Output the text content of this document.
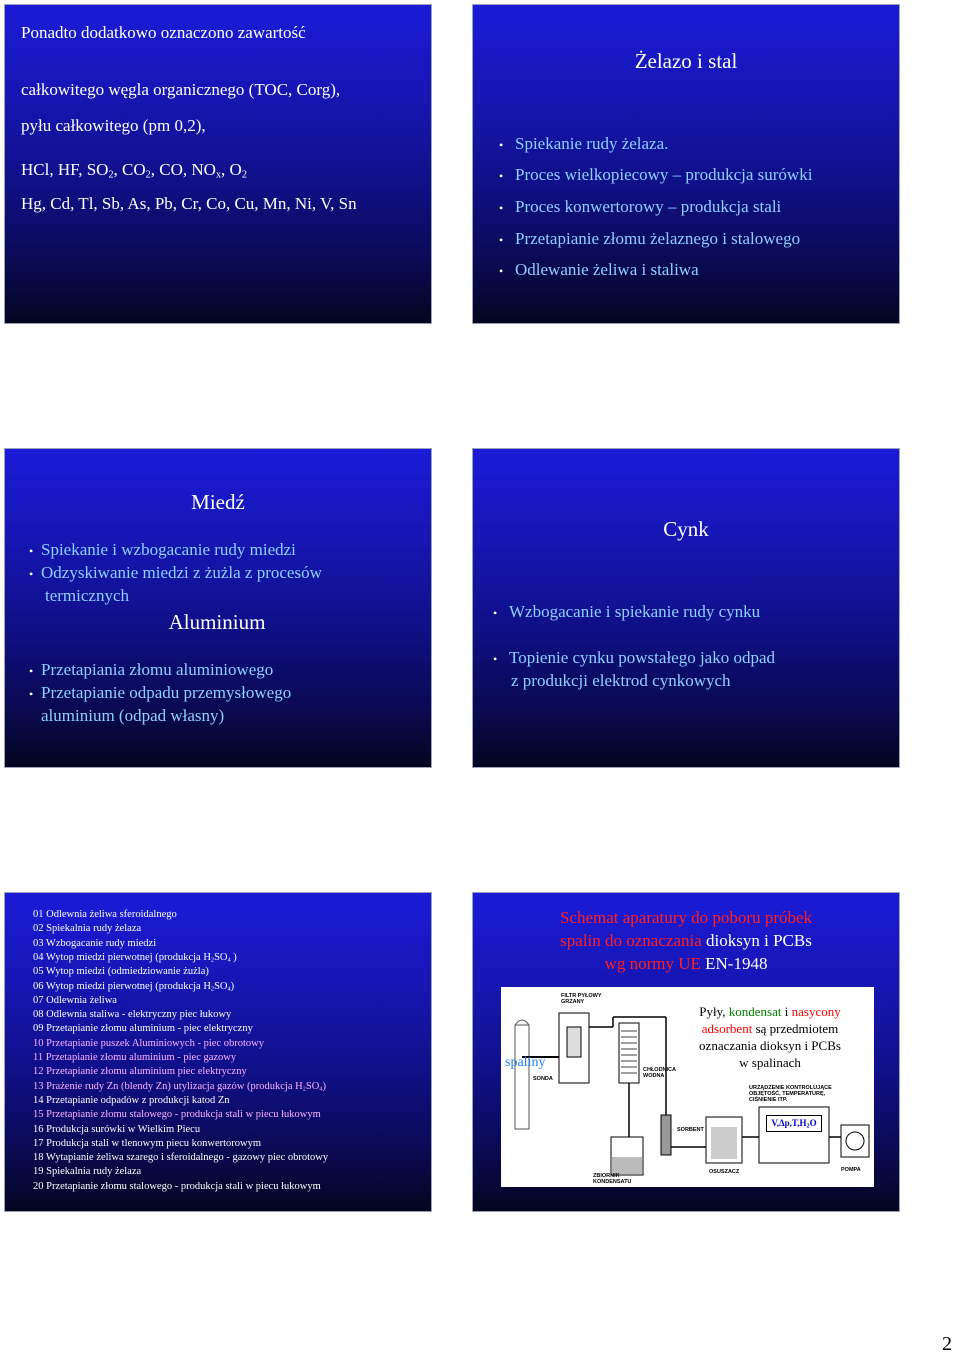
Ponadto dodatkowo oznaczono zawartość
całkowitego węgla organicznego (TOC, Corg),
pyłu całkowitego (pm 0,2),
HCl, HF, $SO_2$, $CO_2$, CO, $NO_x$, $O_2$
Hg, Cd, Tl, Sb, As, Pb, Cr, Co, Cu, Mn, Ni, V, Sn
Żelazo i stal
• Spiekanie rudy żelaza.
• Proces wielkopiecowy – produkcja surówki
• Proces konwertorowy – produkcja stali
• Przetapianie złomu żelaznego i stalowego
• Odlewanie żeliwa i staliwa
Miedź
• Spiekanie i wzbogacanie rudy miedzi
• Odzyskiwanie miedzi z żużla z procesów
termicznych
Aluminium
• Przetapiania złomu aluminiowego
• Przetapianie odpadu przemysłowego
aluminium (odpad własny)
Cynk
• Wzbogacanie i spiekanie rudy cynku
• Topienie cynku powstałego jako odpad
z produkcji elektrod cynkowych
01 Odlewnia żeliwa sferoidalnego
02 Spiekalnia rudy żelaza
03 Wzbogacanie rudy miedzi
04 Wytop miedzi pierwotnej (produkcja $H_2SO_4$ )
05 Wytop miedzi (odmiedziowanie żużla)
06 Wytop miedzi pierwotnej (produkcja $H_2SO_4$)
07 Odlewnia żeliwa
08 Odlewnia staliwa - elektryczny piec łukowy
09 Przetapianie złomu aluminium - piec elektryczny
10 Przetapianie puszek Aluminiowych - piec obrotowy
11 Przetapianie złomu aluminium - piec gazowy
12 Przetapianie złomu aluminium piec elektryczny
13 Prażenie rudy Zn (blendy Zn) utylizacja gazów (produkcja $H_2SO_4$)
14 Przetapianie odpadów z produkcji katod Zn
15 Przetapianie złomu stalowego - produkcja stali w piecu łukowym
16 Produkcja surówki w Wielkim Piecu
17 Produkcja stali w tlenowym piecu konwertorowym
18 Wytapianie żeliwa szarego i sferoidalnego - gazowy piec obrotowy
19 Spiekalnia rudy żelaza
20 Przetapianie złomu stalowego - produkcja stali w piecu łukowym
Schemat aparatury do poboru próbek
spalin do oznaczania dioksyn i PCBs
wg normy UE EN-1948
FILTR PYŁOWY
GRZANY
SONDA
CHŁODNICA
WODNA
SORBENT
ZBIORNIK
KONDENSATU
OSUSZACZ	POMPA
URZĄDZENIE KONTROLUJĄCE
OBJĘTOŚĆ, TEMPERATURĘ,
CIŚNIENIE ITP.
spaliny
$V,\Delta p,T,H_2O$
Pyły, kondensat i nasycony
adsorbent są przedmiotem
oznaczania dioksyn i PCBs
w spalinach
2
